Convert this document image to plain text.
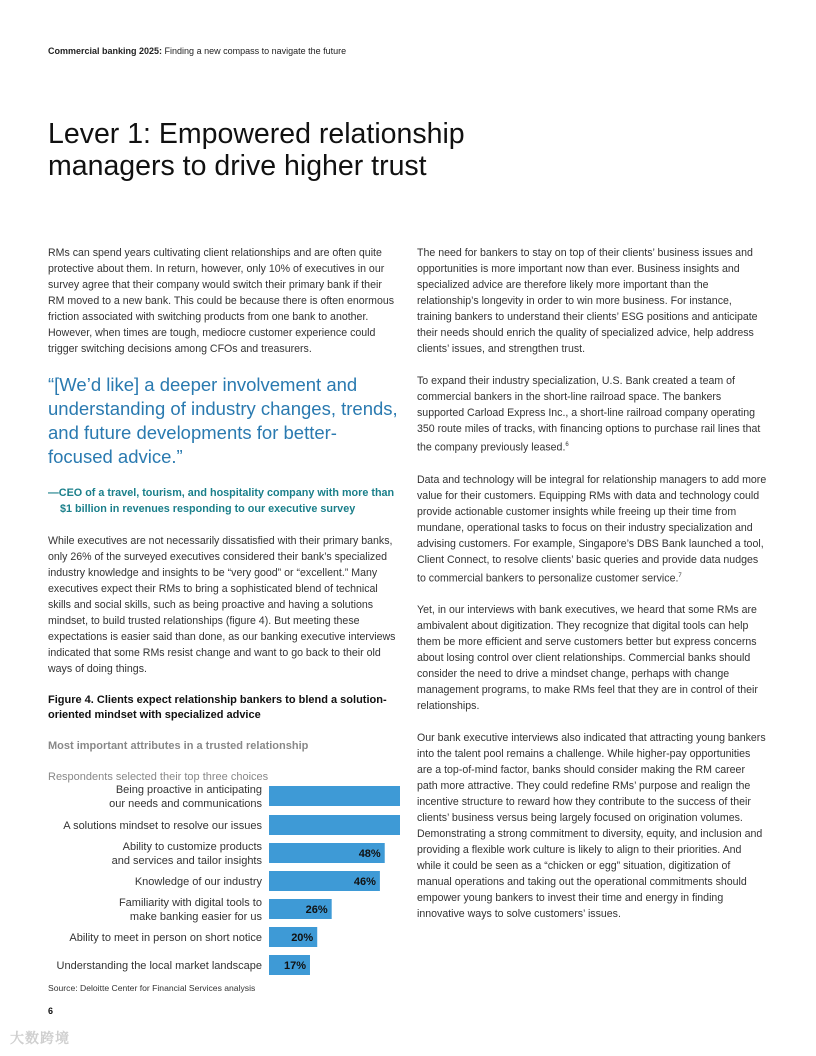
Commercial banking 2025: Finding a new compass to navigate the future
Lever 1: Empowered relationship managers to drive higher trust

RMs can spend years cultivating client relationships and are often quite protective about them. In return, however, only 10% of executives in our survey agree that their company would switch their primary bank if their RM moved to a new bank. This could be because there is often enormous friction associated with switching products from one bank to another. However, when times are tough, mediocre customer experience could trigger switching decisions among CFOs and treasurers.

“[We’d like] a deeper involvement and understanding of industry changes, trends, and future developments for better-focused advice.”

—CEO of a travel, tourism, and hospitality company with more than $1 billion in revenues responding to our executive survey

While executives are not necessarily dissatisfied with their primary banks, only 26% of the surveyed executives considered their bank’s specialized industry knowledge and insights to be “very good” or “excellent.” Many executives expect their RMs to bring a sophisticated blend of technical skills and social skills, such as being proactive and having a solutions mindset, to build trusted relationships (figure 4). But meeting these expectations is easier said than done, as our banking executive interviews indicated that some RMs resist change and want to go back to their old ways of doing things.

Figure 4. Clients expect relationship bankers to blend a solution-oriented mindset with specialized advice

Most important attributes in a trusted relationship

Respondents selected their top three choices

Being proactive in anticipating our needs and communications
A solutions mindset to resolve our issues
Ability to customize products and services and tailor insights
48%
Knowledge of our industry	46%
Familiarity with digital tools to make banking easier for us
26%
Ability to meet in person on short notice	20%
Understanding the local market landscape 17%
Source: Deloitte Center for Financial Services analysis

The need for bankers to stay on top of their clients’ business issues and opportunities is more important now than ever. Business insights and specialized advice are therefore likely more important than the relationship’s longevity in order to win more business. For instance, training bankers to understand their clients’ ESG positions and anticipate their needs should enrich the quality of specialized advice, help address clients’ issues, and strengthen trust.

To expand their industry specialization, U.S. Bank created a team of commercial bankers in the short-line railroad space. The bankers supported Carload Express Inc., a short-line railroad company operating 350 route miles of tracks, with financing options to purchase rail lines that the company previously leased.$^6$

Data and technology will be integral for relationship managers to add more value for their customers. Equipping RMs with data and technology could provide actionable customer insights while freeing up their time from mundane, operational tasks to focus on their industry specialization and advising customers. For example, Singapore’s DBS Bank launched a tool, Client Connect, to resolve clients’ basic queries and provide data nudges to commercial bankers to personalize customer service.$^7$

Yet, in our interviews with bank executives, we heard that some RMs are ambivalent about digitization. They recognize that digital tools can help them be more efficient and serve customers better but express concerns about losing control over client relationships. Commercial banks should consider the need to drive a mindset change, perhaps with change management programs, to make RMs feel that they are in control of their relationships.

Our bank executive interviews also indicated that attracting young bankers into the talent pool remains a challenge. While higher-pay opportunities are a top-of-mind factor, banks should consider making the RM career path more attractive. They could redefine RMs’ purpose and realign the incentive structure to reward how they contribute to the success of their clients’ business versus being largely focused on origination volumes. Demonstrating a strong commitment to diversity, equity, and inclusion and providing a flexible work culture is likely to align to their priorities. And while it could be seen as a “chicken or egg” situation, digitization of manual operations and taking out the operational commitments should empower young bankers to invest their time and energy in finding innovative ways to solve customers’ issues.

6
大数跨境
